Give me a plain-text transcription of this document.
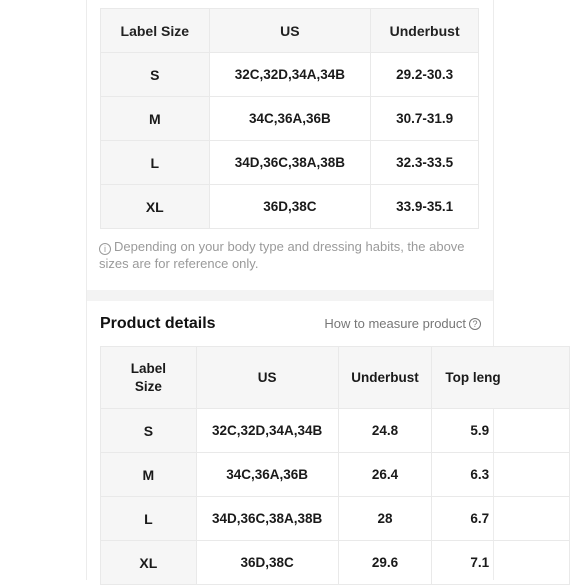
Label Size	US	Underbust
S	32C,32D,34A,34B	29.2-30.3
M	34C,36A,36B	30.7-31.9
L	34D,36C,38A,38B	32.3-33.5
XL	36D,38C	33.9-35.1
i Depending on your body type and dressing habits, the above sizes are for reference only.
Product details	How to measure product ?
Label Size	US	Underbust	Top leng
S	32C,32D,34A,34B	24.8	5.9
M	34C,36A,36B	26.4	6.3
L	34D,36C,38A,38B	28	6.7
XL	36D,38C	29.6	7.1
